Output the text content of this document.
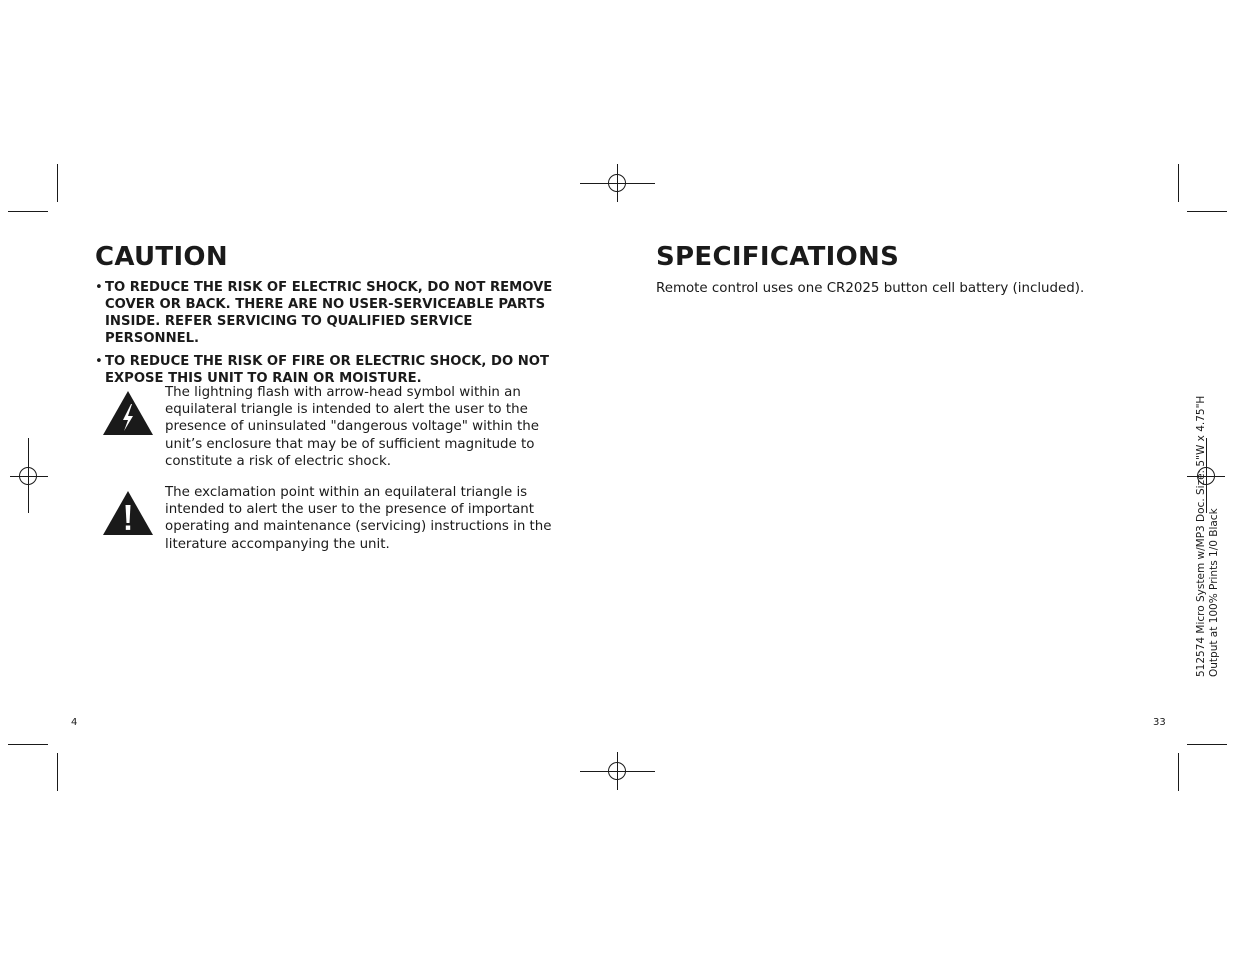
CAUTION
• TO REDUCE THE RISK OF ELECTRIC SHOCK, DO NOT REMOVE COVER OR BACK. THERE ARE NO USER-SERVICEABLE PARTS INSIDE. REFER SERVICING TO QUALIFIED SERVICE PERSONNEL.
• TO REDUCE THE RISK OF FIRE OR ELECTRIC SHOCK, DO NOT EXPOSE THIS UNIT TO RAIN OR MOISTURE.
The lightning flash with arrow-head symbol within an equilateral triangle is intended to alert the user to the presence of uninsulated "dangerous voltage" within the unit’s enclosure that may be of sufficient magnitude to constitute a risk of electric shock.
The exclamation point within an equilateral triangle is intended to alert the user to the presence of important operating and maintenance (servicing) instructions in the literature accompanying the unit.
4
SPECIFICATIONS
Remote control uses one CR2025 button cell battery (included).
33
512574 Micro System w/MP3 Doc. Size: 5"W x 4.75"H Output at 100% Prints 1/0 Black
